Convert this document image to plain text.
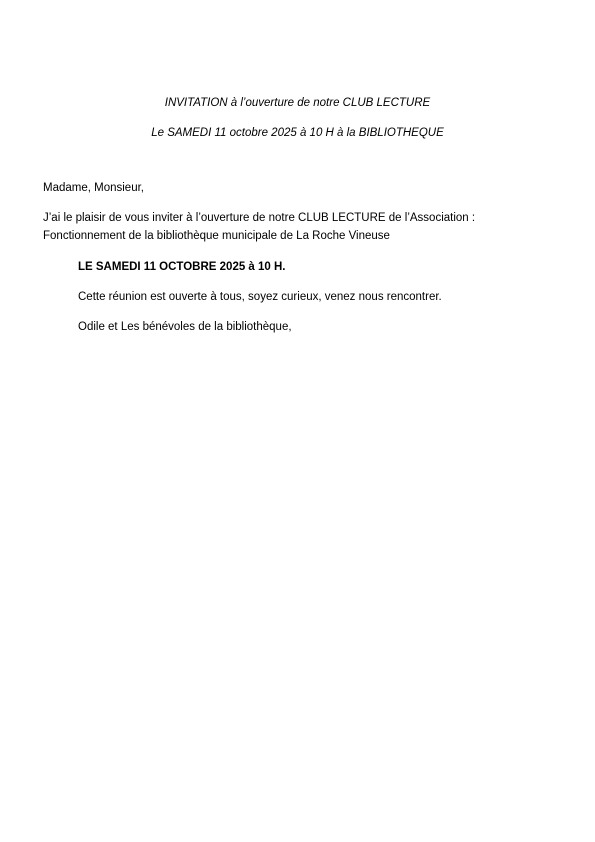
INVITATION à l’ouverture de notre CLUB LECTURE

Le SAMEDI 11 octobre 2025 à 10 H à la BIBLIOTHEQUE

Madame, Monsieur,

J’ai le plaisir de vous inviter à l’ouverture de notre CLUB LECTURE de l’Association :

Fonctionnement de la bibliothèque municipale de La Roche Vineuse

LE SAMEDI 11 OCTOBRE 2025 à 10 H.

Cette réunion est ouverte à tous, soyez curieux, venez nous rencontrer.

Odile et Les bénévoles de la bibliothèque,
